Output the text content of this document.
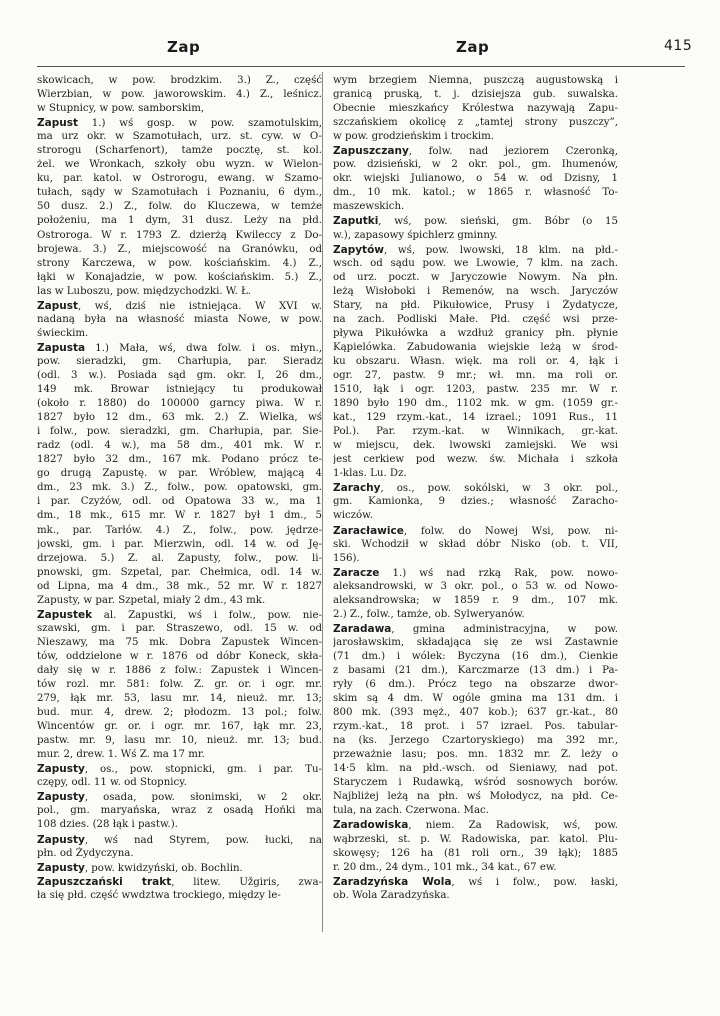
Zap	Zap	415
skowicach, w pow. brodzkim. 3.) Z., część
Wierzbian, w pow. jaworowskim. 4.) Z., leśnicz.
w Stupnicy, w pow. samborskim,
Zapust 1.) wś gosp. w pow. szamotulskim,
ma urz okr. w Szamotułach, urz. st. cyw. w O-
strorogu (Scharfenort), tamże pocztę, st. kol.
żel. we Wronkach, szkoły obu wyzn. w Wielon-
ku, par. katol. w Ostrorogu, ewang. w Szamo-
tułach, sądy w Szamotułach i Poznaniu, 6 dym.,
50 dusz. 2.) Z., folw. do Kluczewa, w temże
położeniu, ma 1 dym, 31 dusz. Leży na płd.
Ostroroga. W r. 1793 Z. dzierżą Kwileccy z Do-
brojewa. 3.) Z., miejscowość na Granówku, od
strony Karczewa, w pow. kościańskim. 4.) Z.,
łąki w Konajadzie, w pow. kościańskim. 5.) Z.,
las w Luboszu, pow. międzychodzki. W. Ł.
Zapust, wś, dziś nie istniejąca. W XVI w.
nadaną była na własność miasta Nowe, w pow.
świeckim.
Zapusta 1.) Mała, wś, dwa folw. i os. młyn.,
pow. sieradzki, gm. Charłupia, par. Sieradz
(odl. 3 w.). Posiada sąd gm. okr. I, 26 dm.,
149 mk. Browar istniejący tu produkował
(około r. 1880) do 100000 garncy piwa. W r.
1827 było 12 dm., 63 mk. 2.) Z. Wielka, wś
i folw., pow. sieradzki, gm. Charłupia, par. Sie-
radz (odl. 4 w.), ma 58 dm., 401 mk. W r.
1827 było 32 dm., 167 mk. Podano prócz te-
go drugą Zapustę. w par. Wróblew, mającą 4
dm., 23 mk. 3.) Z., folw., pow. opatowski, gm.
i par. Czyżów, odl. od Opatowa 33 w., ma 1
dm., 18 mk., 615 mr. W r. 1827 był 1 dm., 5
mk., par. Tarłów. 4.) Z., folw., pow. jędrze-
jowski, gm. i par. Mierzwin, odl. 14 w. od Ję-
drzejowa. 5.) Z. al. Zapusty, folw., pow. li-
pnowski, gm. Szpetal, par. Chełmica, odl. 14 w.
od Lipna, ma 4 dm., 38 mk., 52 mr. W r. 1827
Zapusty, w par. Szpetal, miały 2 dm., 43 mk.
Zapustek al. Zapustki, wś i folw., pow. nie-
szawski, gm. i par. Straszewo, odl. 15 w. od
Nieszawy, ma 75 mk. Dobra Zapustek Wincen-
tów, oddzielone w r. 1876 od dóbr Koneck, skła-
dały się w r. 1886 z folw.: Zapustek i Wincen-
tów rozl. mr. 581: folw. Z. gr. or. i ogr. mr.
279, łąk mr. 53, lasu mr. 14, nieuż. mr. 13;
bud. mur. 4, drew. 2; płodozm. 13 pol.; folw.
Wincentów gr. or. i ogr. mr. 167, łąk mr. 23,
pastw. mr. 9, lasu mr. 10, nieuż. mr. 13; bud.
mur. 2, drew. 1. Wś Z. ma 17 mr.
Zapusty, os., pow. stopnicki, gm. i par. Tu-
czępy, odl. 11 w. od Stopnicy.
Zapusty, osada, pow. słonimski, w 2 okr.
pol., gm. maryańska, wraz z osadą Hońki ma
108 dzies. (28 łąk i pastw.).
Zapusty, wś nad Styrem, pow. łucki, na
płn. od Żydyczyna.
Zapusty, pow. kwidzyński, ob. Bochlin.
Zapuszczański trakt, litew. Užgiris, zwa-
ła się płd. część wwdztwa trockiego, między le-
wym brzegiem Niemna, puszczą augustowską i
granicą pruską, t. j. dzisiejsza gub. suwalska.
Obecnie mieszkańcy Królestwa nazywają Zapu-
szczańskiem okolicę z „tamtej strony puszczy”,
w pow. grodzieńskim i trockim.
Zapuszczany, folw. nad jeziorem Czeronką,
pow. dzisieński, w 2 okr. pol., gm. Ihumenów,
okr. wiejski Julianowo, o 54 w. od Dzisny, 1
dm., 10 mk. katol.; w 1865 r. własność To-
maszewskich.
Zaputki, wś, pow. sieński, gm. Bóbr (o 15
w.), zapasowy śpichlerz gminny.
Zapytów, wś, pow. lwowski, 18 klm. na płd.-
wsch. od sądu pow. we Lwowie, 7 klm. na zach.
od urz. poczt. w Jaryczowie Nowym. Na płn.
leżą Wisłoboki i Remenów, na wsch. Jaryczów
Stary, na płd. Pikułowice, Prusy i Żydatycze,
na zach. Podliski Małe. Płd. część wsi prze-
pływa Pikułówka a wzdłuż granicy płn. płynie
Kąpielówka. Zabudowania wiejskie leżą w środ-
ku obszaru. Własn. więk. ma roli or. 4, łąk i
ogr. 27, pastw. 9 mr.; wł. mn. ma roli or.
1510, łąk i ogr. 1203, pastw. 235 mr. W r.
1890 było 190 dm., 1102 mk. w gm. (1059 gr.-
kat., 129 rzym.-kat., 14 izrael.; 1091 Rus., 11
Pol.). Par. rzym.-kat. w Winnikach, gr.-kat.
w miejscu, dek. lwowski zamiejski. We wsi
jest cerkiew pod wezw. św. Michała i szkoła
1-klas. Lu. Dz.
Zarachy, os., pow. sokólski, w 3 okr. pol.,
gm. Kamionka, 9 dzies.; własność Zaracho-
wiczów.
Zaracławice, folw. do Nowej Wsi, pow. ni-
ski. Wchodził w skład dóbr Nisko (ob. t. VII,
156).
Zaracze 1.) wś nad rzką Rak, pow. nowo-
aleksandrowski, w 3 okr. pol., o 53 w. od Nowo-
aleksandrowska; w 1859 r. 9 dm., 107 mk.
2.) Z., folw., tamże, ob. Sylweryanów.
Zaradawa, gmina administracyjna, w pow.
jarosławskim, składająca się ze wsi Zastawnie
(71 dm.) i wólek: Byczyna (16 dm.), Cienkie
z basami (21 dm.), Karczmarze (13 dm.) i Pa-
ryły (6 dm.). Prócz tego na obszarze dwor-
skim są 4 dm. W ogóle gmina ma 131 dm. i
800 mk. (393 męż., 407 kob.); 637 gr.-kat., 80
rzym.-kat., 18 prot. i 57 izrael. Pos. tabular-
na (ks. Jerzego Czartoryskiego) ma 392 mr.,
przeważnie lasu; pos. mn. 1832 mr. Z. leży o
14·5 klm. na płd.-wsch. od Sieniawy, nad pot.
Staryczem i Rudawką, wśród sosnowych borów.
Najbliżej leżą na płn. wś Mołodycz, na płd. Ce-
tula, na zach. Czerwona. Mac.
Zaradowiska, niem. Za Radowisk, wś, pow.
wąbrzeski, st. p. W. Radowiska, par. katol. Plu-
skowęsy; 126 ha (81 roli orn., 39 łąk); 1885
r. 20 dm., 24 dym., 101 mk., 34 kat., 67 ew.
Zaradzyńska Wola, wś i folw., pow. łaski,
ob. Wola Zaradzyńska.
